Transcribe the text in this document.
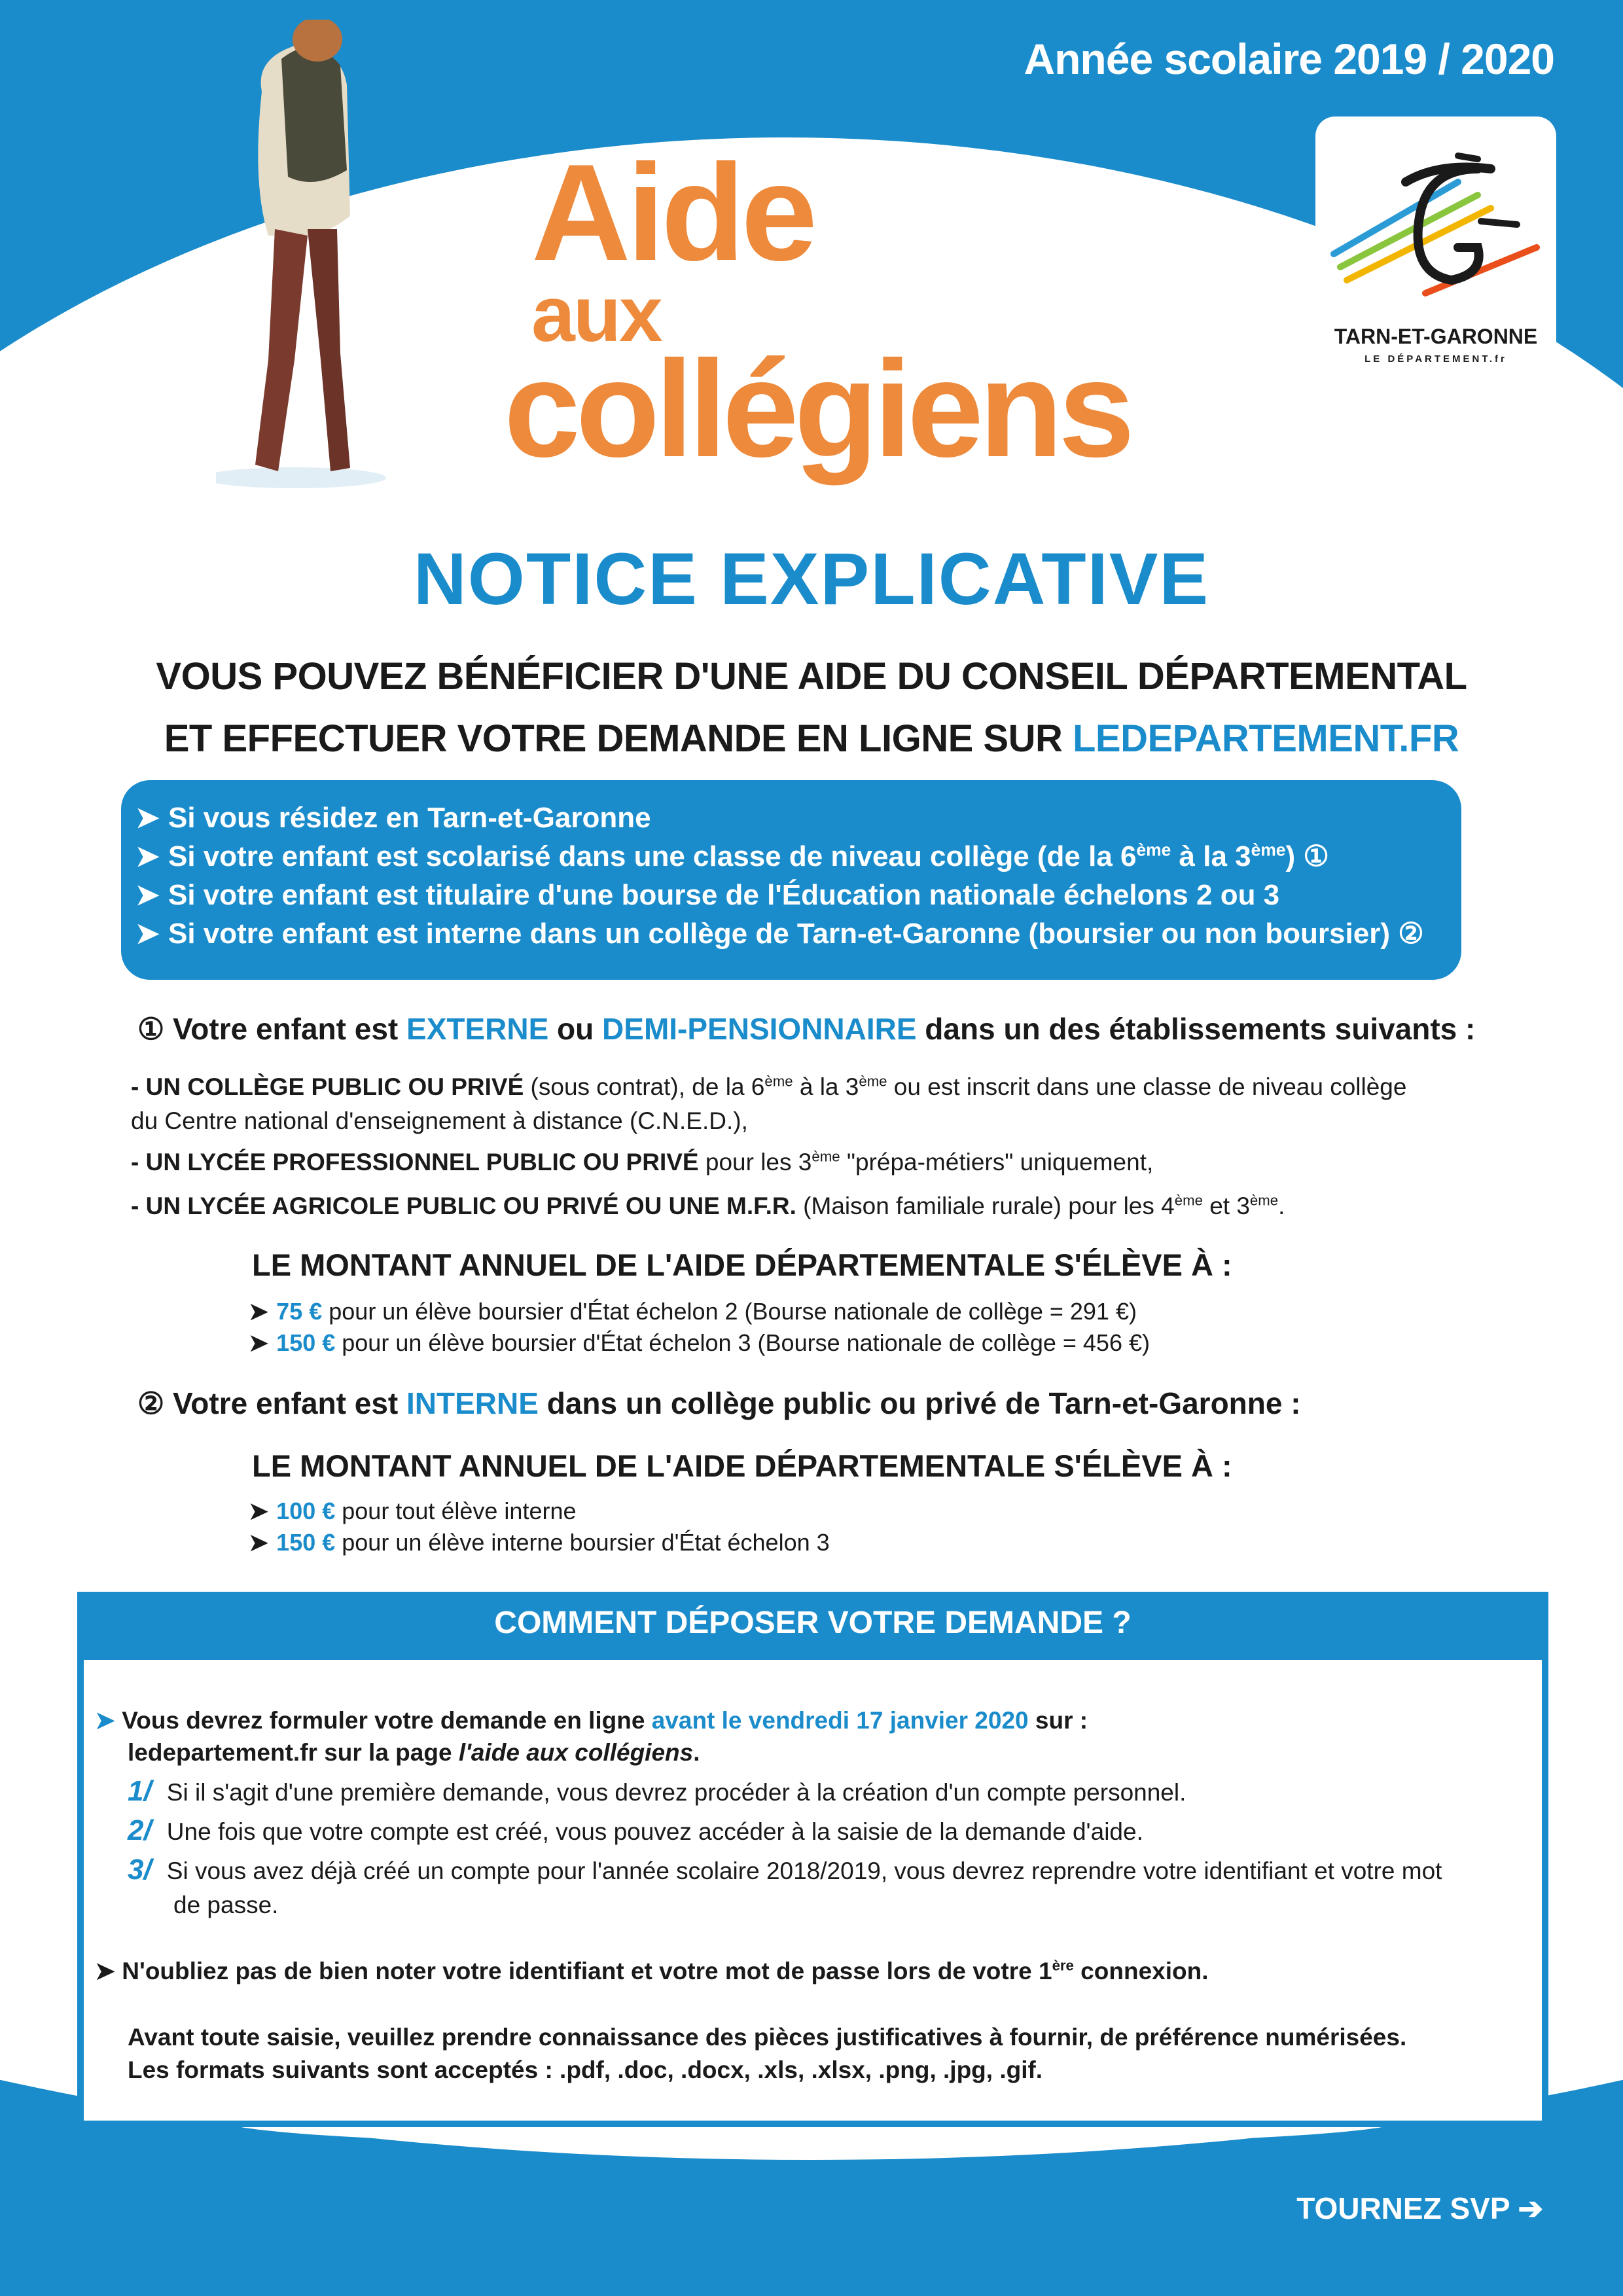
Aide
aux
collégiens
Année scolaire 2019 / 2020
TARN-ET-GARONNE
LE DÉPARTEMENT.fr
NOTICE EXPLICATIVE
VOUS POUVEZ BÉNÉFICIER D'UNE AIDE DU CONSEIL DÉPARTEMENTAL
ET EFFECTUER VOTRE DEMANDE EN LIGNE SUR LEDEPARTEMENT.FR
➤ Si vous résidez en Tarn-et-Garonne
➤ Si votre enfant est scolarisé dans une classe de niveau collège (de la 6ème à la 3ème) ①
➤ Si votre enfant est titulaire d'une bourse de l'Éducation nationale échelons 2 ou 3
➤ Si votre enfant est interne dans un collège de Tarn-et-Garonne (boursier ou non boursier) ②
① Votre enfant est EXTERNE ou DEMI-PENSIONNAIRE dans un des établissements suivants :
- UN COLLÈGE PUBLIC OU PRIVÉ (sous contrat), de la 6ème à la 3ème ou est inscrit dans une classe de niveau collège
du Centre national d'enseignement à distance (C.N.E.D.),
- UN LYCÉE PROFESSIONNEL PUBLIC OU PRIVÉ pour les 3ème "prépa-métiers" uniquement,
- UN LYCÉE AGRICOLE PUBLIC OU PRIVÉ OU UNE M.F.R. (Maison familiale rurale) pour les 4ème et 3ème.
LE MONTANT ANNUEL DE L'AIDE DÉPARTEMENTALE S'ÉLÈVE À :
➤ 75 € pour un élève boursier d'État échelon 2 (Bourse nationale de collège = 291 €)
➤ 150 € pour un élève boursier d'État échelon 3 (Bourse nationale de collège = 456 €)
② Votre enfant est INTERNE dans un collège public ou privé de Tarn-et-Garonne :
LE MONTANT ANNUEL DE L'AIDE DÉPARTEMENTALE S'ÉLÈVE À :
➤ 100 € pour tout élève interne
➤ 150 € pour un élève interne boursier d'État échelon 3
COMMENT DÉPOSER VOTRE DEMANDE ?
➤ Vous devrez formuler votre demande en ligne avant le vendredi 17 janvier 2020 sur :
ledepartement.fr sur la page l'aide aux collégiens.
1/ Si il s'agit d'une première demande, vous devrez procéder à la création d'un compte personnel.
2/ Une fois que votre compte est créé, vous pouvez accéder à la saisie de la demande d'aide.
3/ Si vous avez déjà créé un compte pour l'année scolaire 2018/2019, vous devrez reprendre votre identifiant et votre mot
de passe.
➤ N'oubliez pas de bien noter votre identifiant et votre mot de passe lors de votre 1ère connexion.
Avant toute saisie, veuillez prendre connaissance des pièces justificatives à fournir, de préférence numérisées.
Les formats suivants sont acceptés : .pdf, .doc, .docx, .xls, .xlsx, .png, .jpg, .gif.
TOURNEZ SVP ➔
